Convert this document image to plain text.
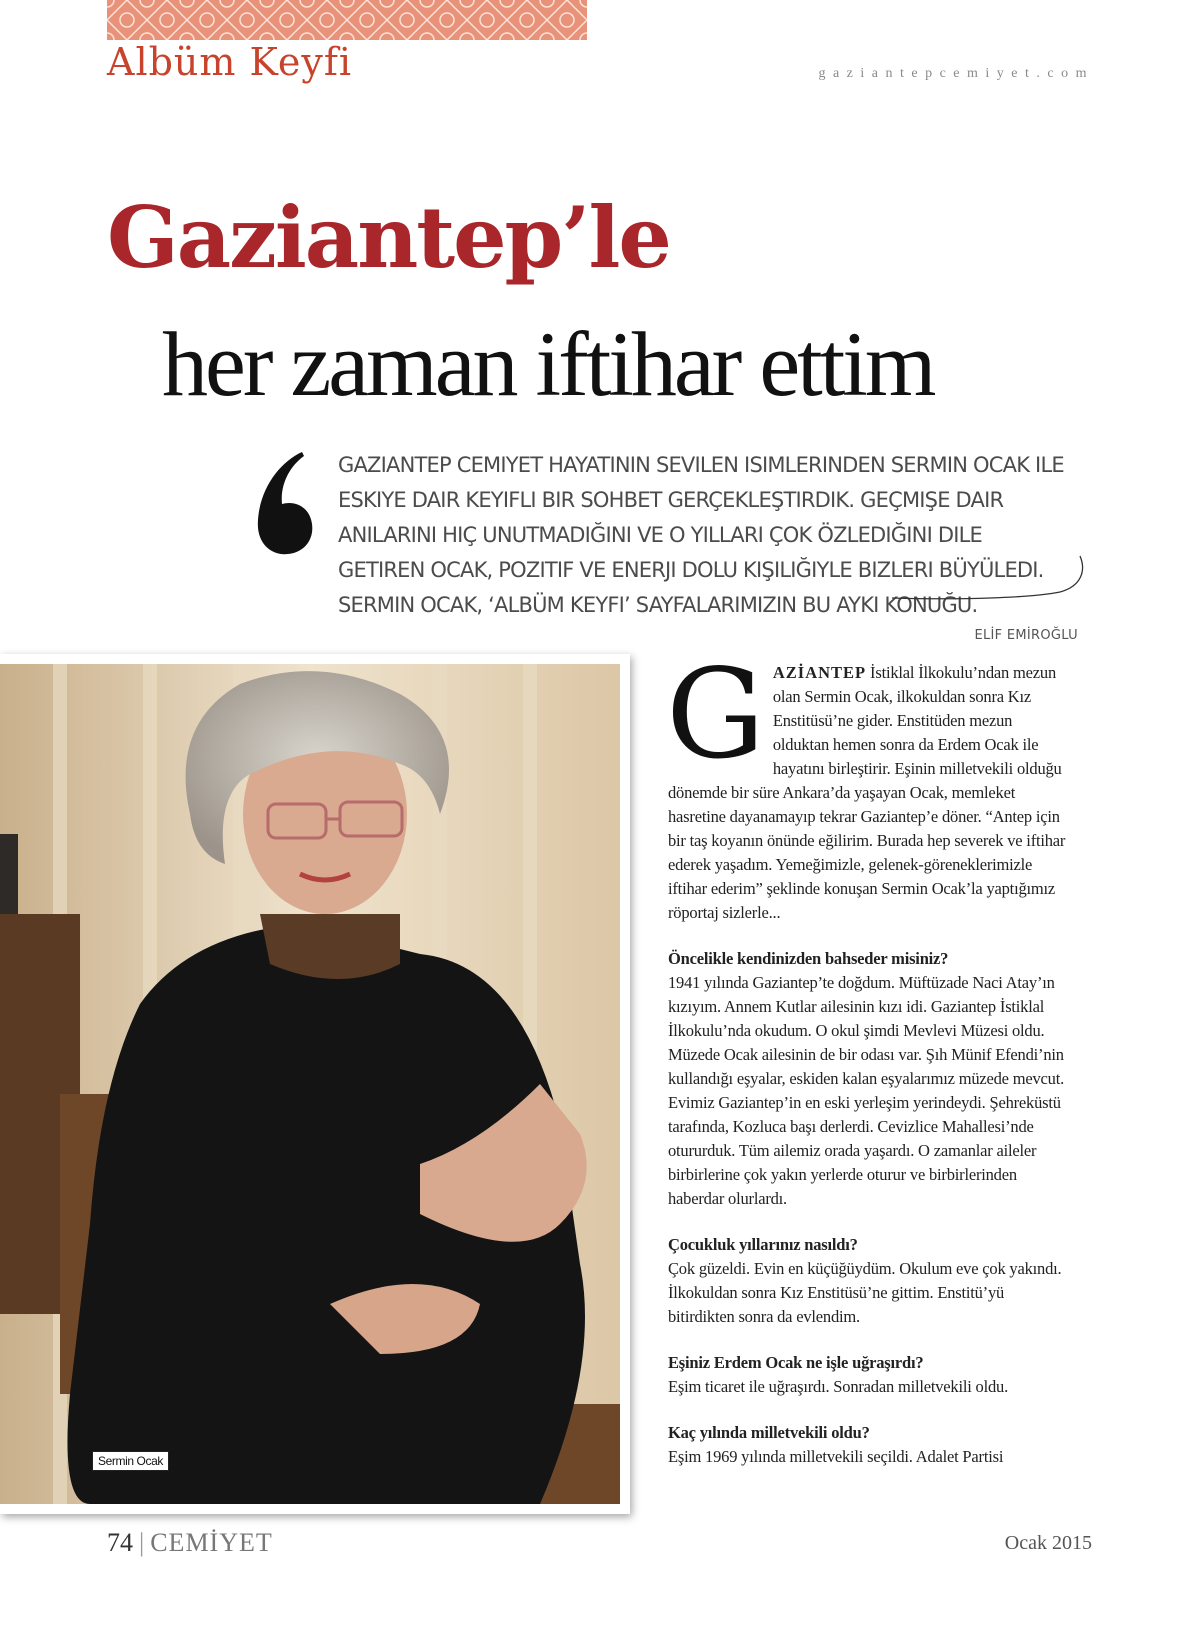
Albüm Keyfi	gaziantepcemiyet.com
Gaziantep’le
her zaman iftihar ettim
GAZIANTEP CEMIYET HAYATININ SEVILEN ISIMLERINDEN SERMIN OCAK ILE ESKIYE DAIR KEYIFLI BIR SOHBET GERÇEKLEŞTIRDIK. GEÇMIŞE DAIR ANILARINI HIÇ UNUTMADIĞINI VE O YILLARI ÇOK ÖZLEDIĞINI DILE GETIREN OCAK, POZITIF VE ENERJI DOLU KIŞILIĞIYLE BIZLERI BÜYÜLEDI. SERMIN OCAK, ‘ALBÜM KEYFI’ SAYFALARIMIZIN BU AYKI KONUĞU.
ELİF EMİROĞLU
Sermin Ocak
G AZİANTEP İstiklal İlkokulu’ndan mezun olan Sermin Ocak, ilkokuldan sonra Kız Enstitüsü’ne gider. Enstitüden mezun olduktan hemen sonra da Erdem Ocak ile hayatını birleştirir. Eşinin milletvekili olduğu dönemde bir süre Ankara’da yaşayan Ocak, memleket hasretine dayanamayıp tekrar Gaziantep’e döner. “Antep için bir taş koyanın önünde eğilirim. Burada hep severek ve iftihar ederek yaşadım. Yemeğimizle, gelenek-göreneklerimizle iftihar ederim” şeklinde konuşan Sermin Ocak’la yaptığımız röportaj sizlerle...

Öncelikle kendinizden bahseder misiniz?

1941 yılında Gaziantep’te doğdum. Müftüzade Naci Atay’ın kızıyım. Annem Kutlar ailesinin kızı idi. Gaziantep İstiklal İlkokulu’nda okudum. O okul şimdi Mevlevi Müzesi oldu. Müzede Ocak ailesinin de bir odası var. Şıh Münif Efendi’nin kullandığı eşyalar, eskiden kalan eşyalarımız müzede mevcut.

Evimiz Gaziantep’in en eski yerleşim yerindeydi. Şehreküstü tarafında, Kozluca başı derlerdi. Cevizlice Mahallesi’nde otururduk. Tüm ailemiz orada yaşardı. O zamanlar aileler birbirlerine çok yakın yerlerde oturur ve birbirlerinden haberdar olurlardı.

Çocukluk yıllarınız nasıldı?

Çok güzeldi. Evin en küçüğüydüm. Okulum eve çok yakındı. İlkokuldan sonra Kız Enstitüsü’ne gittim. Enstitü’yü bitirdikten sonra da evlendim.

Eşiniz Erdem Ocak ne işle uğraşırdı?

Eşim ticaret ile uğraşırdı. Sonradan milletvekili oldu.

Kaç yılında milletvekili oldu?

Eşim 1969 yılında milletvekili seçildi. Adalet Partisi

74 | CEMİYET	Ocak 2015
